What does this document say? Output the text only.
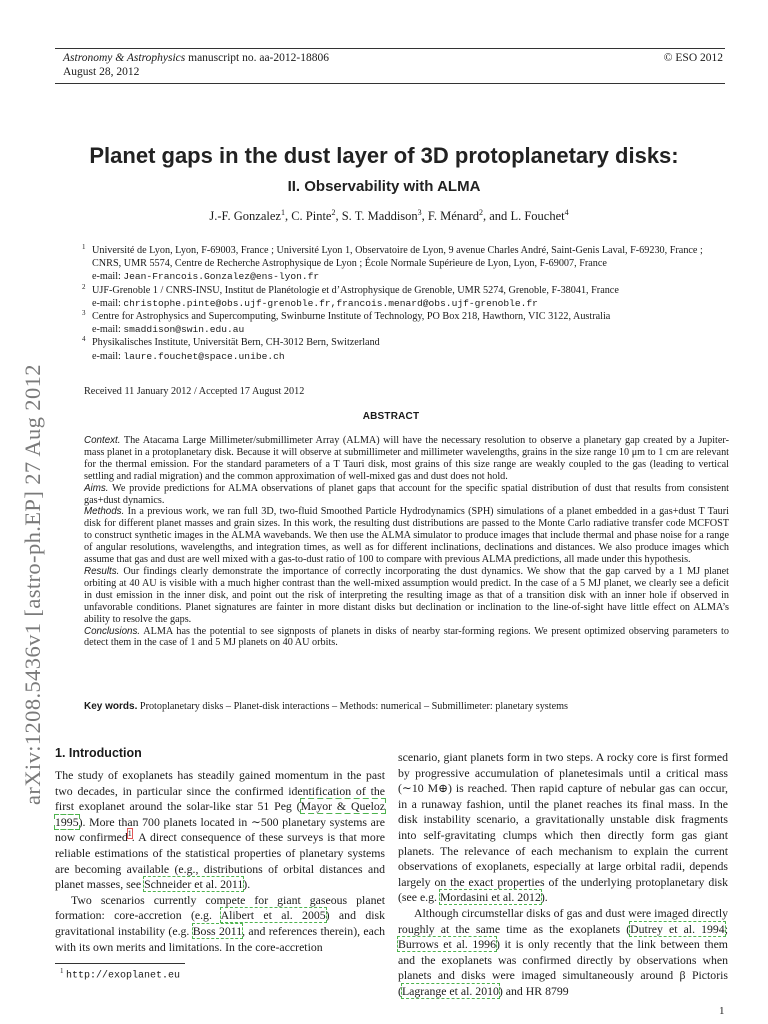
Astronomy & Astrophysics manuscript no. aa-2012-18806
August 28, 2012
© ESO 2012
arXiv:1208.5436v1 [astro-ph.EP] 27 Aug 2012
Planet gaps in the dust layer of 3D protoplanetary disks:
II. Observability with ALMA
J.-F. Gonzalez$^1$, C. Pinte$^2$, S. T. Maddison$^3$, F. Ménard$^2$, and L. Fouchet$^4$
1 Université de Lyon, Lyon, F-69003, France ; Université Lyon 1, Observatoire de Lyon, 9 avenue Charles André, Saint-Genis Laval, F-69230, France ; CNRS, UMR 5574, Centre de Recherche Astrophysique de Lyon ; École Normale Supérieure de Lyon, Lyon, F-69007, France
e-mail: Jean-Francois.Gonzalez@ens-lyon.fr
2 UJF-Grenoble 1 / CNRS-INSU, Institut de Planétologie et d’Astrophysique de Grenoble, UMR 5274, Grenoble, F-38041, France
e-mail: christophe.pinte@obs.ujf-grenoble.fr,francois.menard@obs.ujf-grenoble.fr
3 Centre for Astrophysics and Supercomputing, Swinburne Institute of Technology, PO Box 218, Hawthorn, VIC 3122, Australia
e-mail: smaddison@swin.edu.au
4 Physikalisches Institute, Universität Bern, CH-3012 Bern, Switzerland
e-mail: laure.fouchet@space.unibe.ch
Received 11 January 2012 / Accepted 17 August 2012
ABSTRACT

Context. The Atacama Large Millimeter/submillimeter Array (ALMA) will have the necessary resolution to observe a planetary gap created by a Jupiter-mass planet in a protoplanetary disk. Because it will observe at submillimeter and millimeter wavelengths, grains in the size range 10 μm to 1 cm are relevant for the thermal emission. For the standard parameters of a T Tauri disk, most grains of this size range are weakly coupled to the gas (leading to vertical settling and radial migration) and the common approximation of well-mixed gas and dust does not hold.

Aims. We provide predictions for ALMA observations of planet gaps that account for the specific spatial distribution of dust that results from consistent gas+dust dynamics.

Methods. In a previous work, we ran full 3D, two-fluid Smoothed Particle Hydrodynamics (SPH) simulations of a planet embedded in a gas+dust T Tauri disk for different planet masses and grain sizes. In this work, the resulting dust distributions are passed to the Monte Carlo radiative transfer code MCFOST to construct synthetic images in the ALMA wavebands. We then use the ALMA simulator to produce images that include thermal and phase noise for a range of angular resolutions, wavelengths, and integration times, as well as for different inclinations, declinations and distances. We also produce images which assume that gas and dust are well mixed with a gas-to-dust ratio of 100 to compare with previous ALMA predictions, all made under this hypothesis.

Results. Our findings clearly demonstrate the importance of correctly incorporating the dust dynamics. We show that the gap carved by a 1 MJ planet orbiting at 40 AU is visible with a much higher contrast than the well-mixed assumption would predict. In the case of a 5 MJ planet, we clearly see a deficit in dust emission in the inner disk, and point out the risk of interpreting the resulting image as that of a transition disk with an inner hole if observed in unfavorable conditions. Planet signatures are fainter in more distant disks but declination or inclination to the line-of-sight have little effect on ALMA’s ability to resolve the gaps.

Conclusions. ALMA has the potential to see signposts of planets in disks of nearby star-forming regions. We present optimized observing parameters to detect them in the case of 1 and 5 MJ planets on 40 AU orbits.

Key words. Protoplanetary disks – Planet-disk interactions – Methods: numerical – Submillimeter: planetary systems
1. Introduction

The study of exoplanets has steadily gained momentum in the past two decades, in particular since the confirmed identification of the first exoplanet around the solar-like star 51 Peg (Mayor & Queloz 1995). More than 700 planets located in ∼500 planetary systems are now confirmed$^1$. A direct consequence of these surveys is that more reliable estimations of the statistical properties of planetary systems are becoming available (e.g., distributions of orbital distances and planet masses, see Schneider et al. 2011).

Two scenarios currently compete for giant gaseous planet formation: core-accretion (e.g. Alibert et al. 2005) and disk gravitational instability (e.g. Boss 2011, and references therein), each with its own merits and limitations. In the core-accretion

scenario, giant planets form in two steps. A rocky core is first formed by progressive accumulation of planetesimals until a critical mass (∼10 M⊕) is reached. Then rapid capture of nebular gas can occur, in a runaway fashion, until the planet reaches its final mass. In the disk instability scenario, a gravitationally unstable disk fragments into self-gravitating clumps which then directly form gas giant planets. The relevance of each mechanism to explain the current observations of exoplanets, especially at large orbital radii, depends largely on the exact properties of the underlying protoplanetary disk (see e.g. Mordasini et al. 2012).

Although circumstellar disks of gas and dust were imaged directly roughly at the same time as the exoplanets (Dutrey et al. 1994; Burrows et al. 1996) it is only recently that the link between them and the exoplanets was confirmed directly by observations when planets and disks were imaged simultaneously around β Pictoris (Lagrange et al. 2010) and HR 8799

$^1$ http://exoplanet.eu
1
